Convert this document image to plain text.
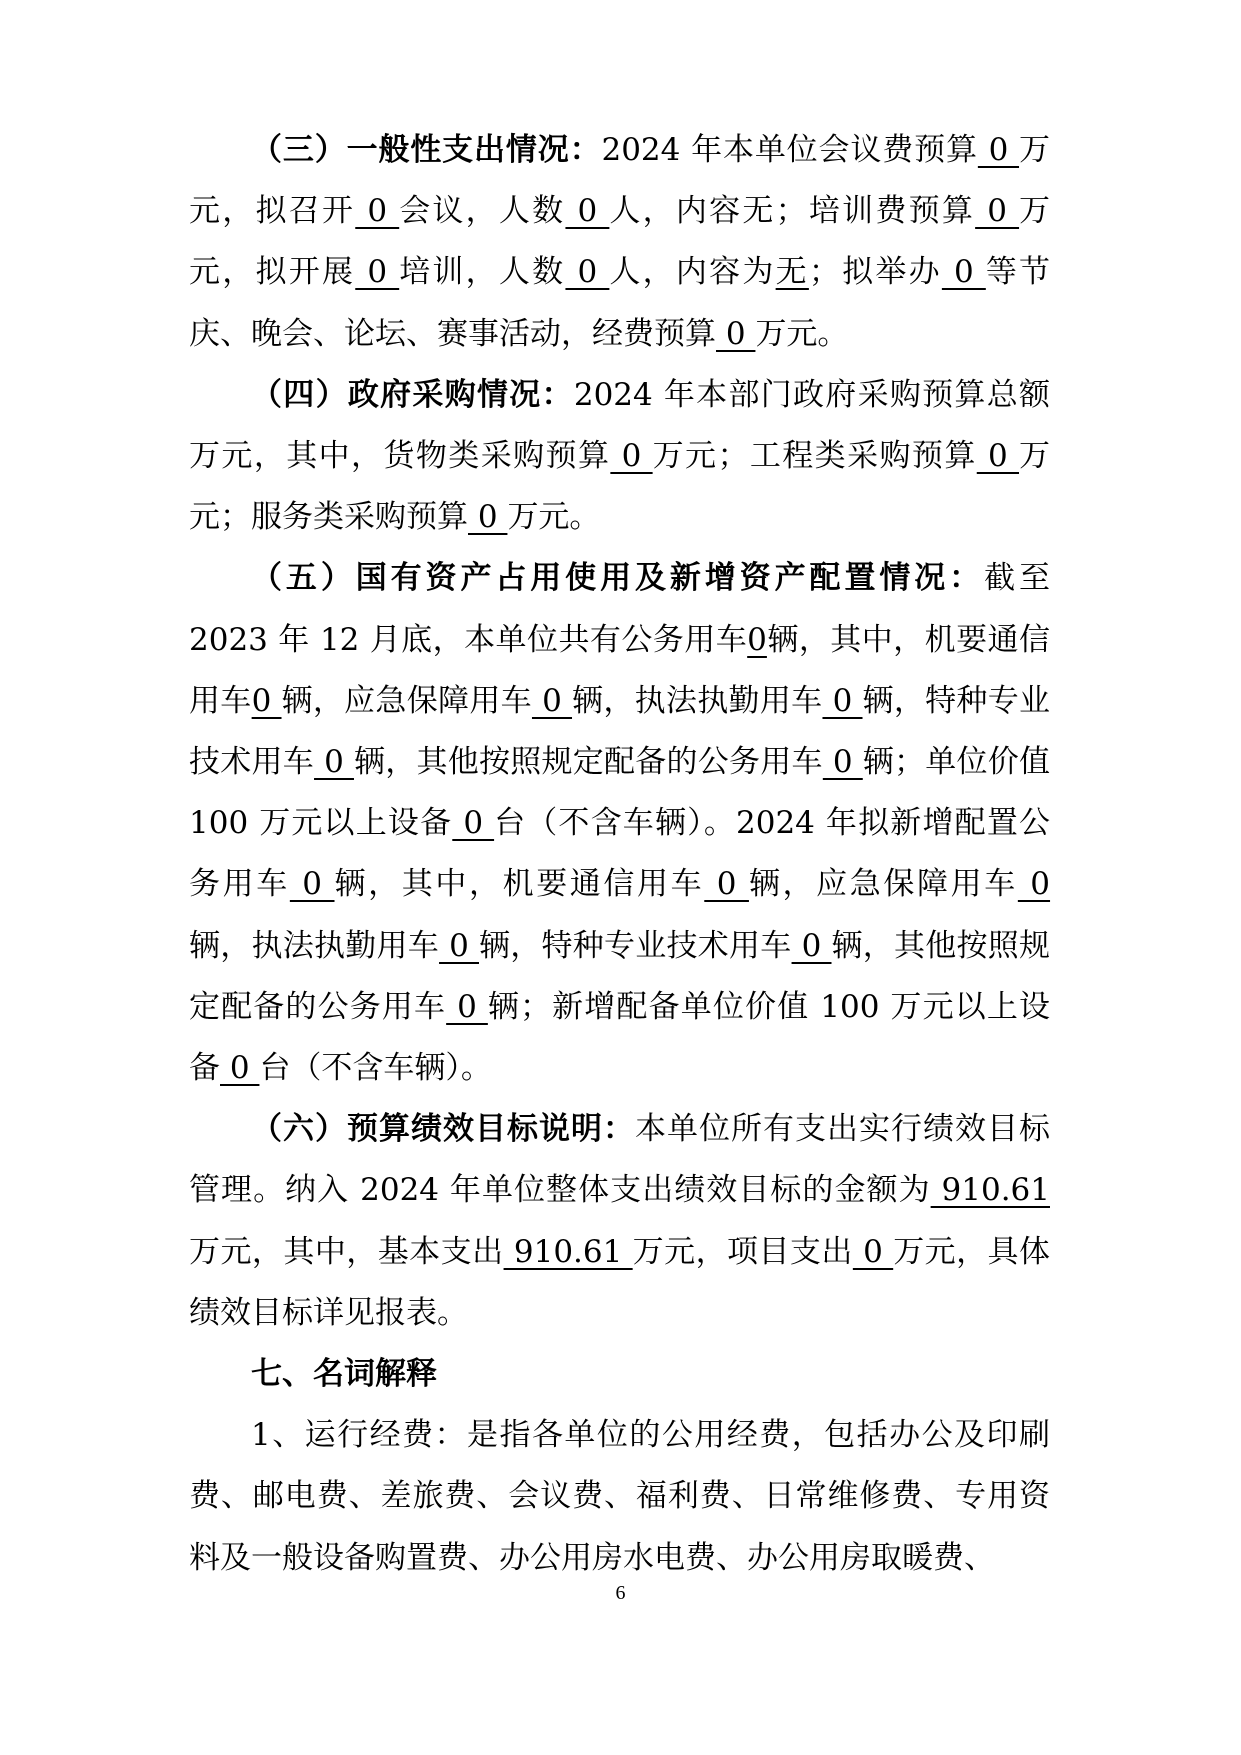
（三）一般性支出情况：2024 年本单位会议费预算 0 万元，拟召开 0 会议，人数 0 人，内容无；培训费预算 0 万元，拟开展 0 培训，人数 0 人，内容为无；拟举办 0 等节庆、晚会、论坛、赛事活动，经费预算 0 万元。

（四）政府采购情况：2024 年本部门政府采购预算总额万元，其中，货物类采购预算 0 万元；工程类采购预算 0 万元；服务类采购预算 0 万元。

（五）国有资产占用使用及新增资产配置情况：截至 2023 年 12 月底，本单位共有公务用车0辆，其中，机要通信用车0 辆，应急保障用车 0 辆，执法执勤用车 0 辆，特种专业技术用车 0 辆，其他按照规定配备的公务用车 0 辆；单位价值 100 万元以上设备 0 台（不含车辆）。2024 年拟新增配置公务用车 0 辆，其中，机要通信用车 0 辆，应急保障用车 0 辆，执法执勤用车 0 辆，特种专业技术用车 0 辆，其他按照规定配备的公务用车 0 辆；新增配备单位价值 100 万元以上设备 0 台（不含车辆）。

（六）预算绩效目标说明：本单位所有支出实行绩效目标管理。纳入 2024 年单位整体支出绩效目标的金额为 910.61万元，其中，基本支出 910.61 万元，项目支出 0 万元，具体绩效目标详见报表。

七、名词解释

1、运行经费：是指各单位的公用经费，包括办公及印刷费、邮电费、差旅费、会议费、福利费、日常维修费、专用资料及一般设备购置费、办公用房水电费、办公用房取暖费、

6
